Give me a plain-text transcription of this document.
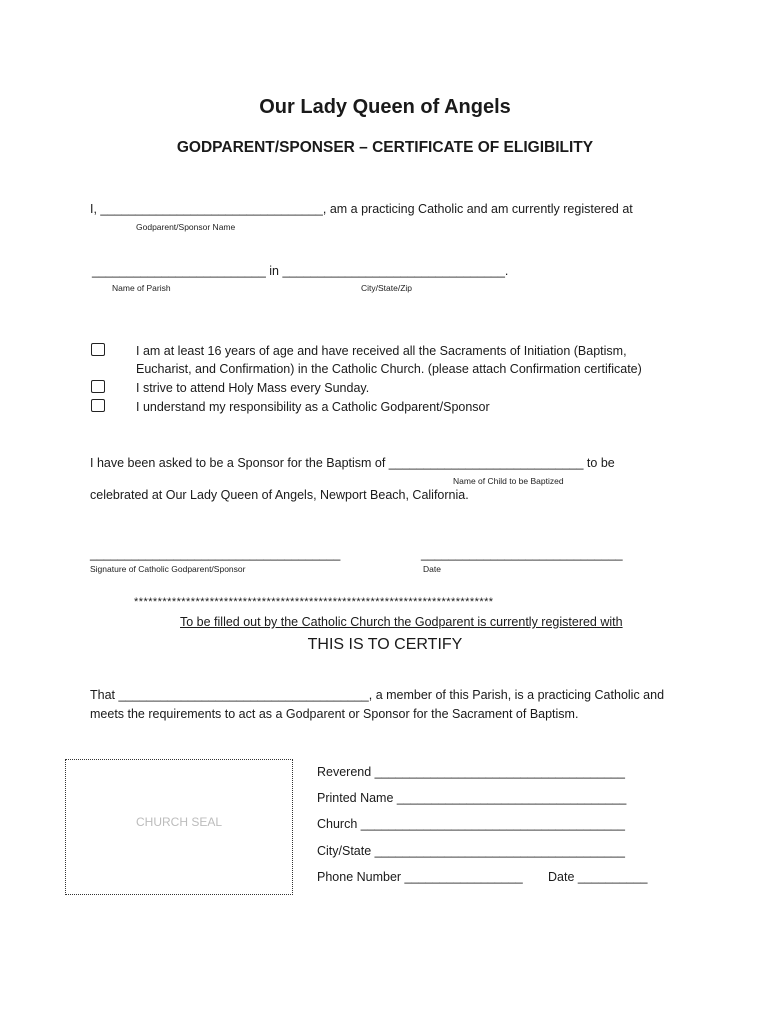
Our Lady Queen of Angels
GODPARENT/SPONSER – CERTIFICATE OF ELIGIBILITY
I, ________________________________, am a practicing Catholic and am currently registered at
Godparent/Sponsor Name
_________________________ in ________________________________.
Name of Parish	City/State/Zip
I am at least 16 years of age and have received all the Sacraments of Initiation (Baptism,
Eucharist, and Confirmation) in the Catholic Church. (please attach Confirmation certificate)
I strive to attend Holy Mass every Sunday.
I understand my responsibility as a Catholic Godparent/Sponsor
I have been asked to be a Sponsor for the Baptism of ____________________________ to be
Name of Child to be Baptized
celebrated at Our Lady Queen of Angels, Newport Beach, California.
____________________________________	_____________________________
Signature of Catholic Godparent/Sponsor	Date
****************************************************************************
To be filled out by the Catholic Church the Godparent is currently registered with
THIS IS TO CERTIFY
That ____________________________________, a member of this Parish, is a practicing Catholic and
meets the requirements to act as a Godparent or Sponsor for the Sacrament of Baptism.
CHURCH SEAL
Reverend ____________________________________
Printed Name _________________________________
Church ______________________________________
City/State ____________________________________
Phone Number _________________ Date __________
